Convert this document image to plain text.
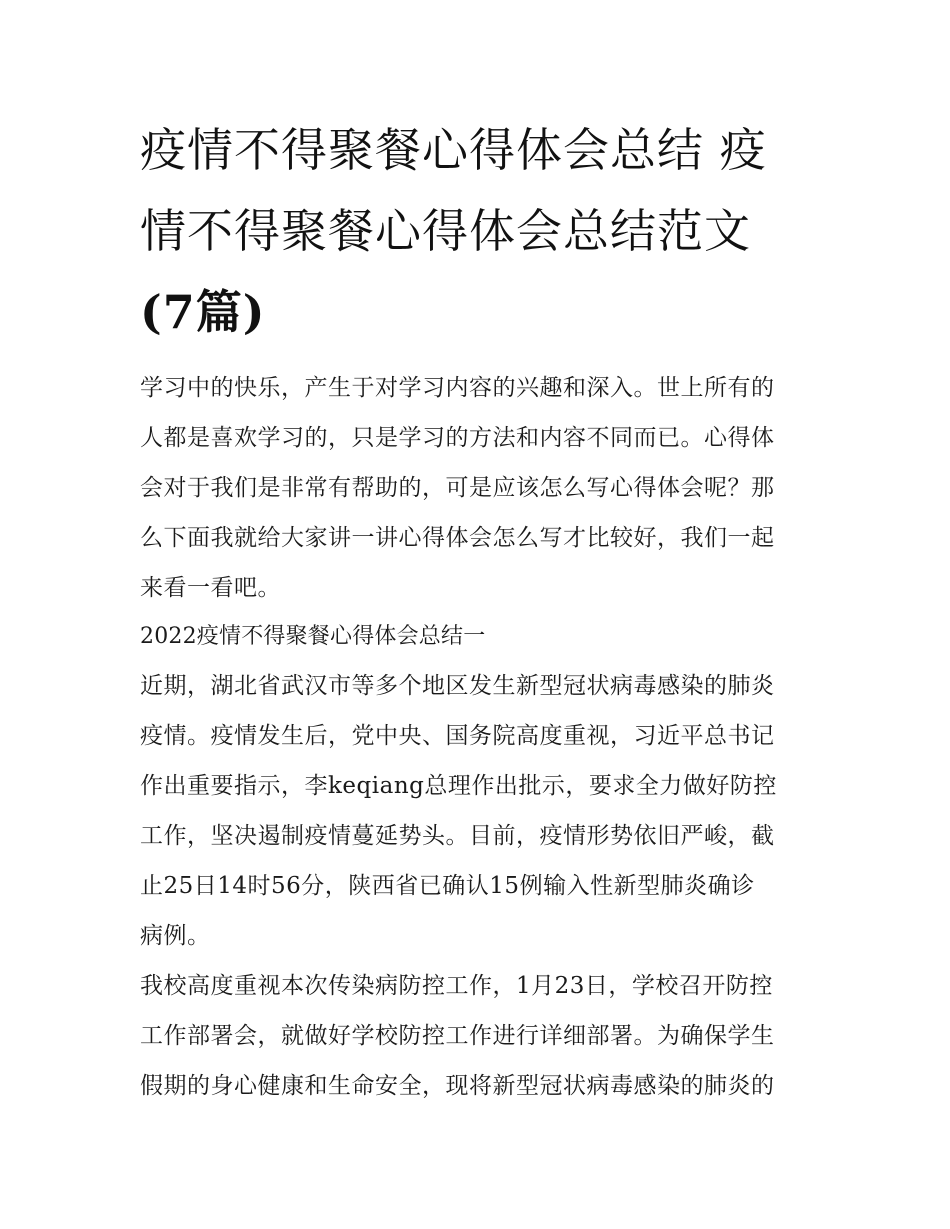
疫情不得聚餐心得体会总结 疫
情不得聚餐心得体会总结范文
(7篇)
学习中的快乐，产生于对学习内容的兴趣和深入。世上所有的
人都是喜欢学习的，只是学习的方法和内容不同而已。心得体
会对于我们是非常有帮助的，可是应该怎么写心得体会呢？那
么下面我就给大家讲一讲心得体会怎么写才比较好，我们一起
来看一看吧。
2022疫情不得聚餐心得体会总结一
近期，湖北省武汉市等多个地区发生新型冠状病毒感染的肺炎
疫情。疫情发生后，党中央、国务院高度重视，习近平总书记
作出重要指示，李keqiang总理作出批示，要求全力做好防控
工作，坚决遏制疫情蔓延势头。目前，疫情形势依旧严峻，截
止25日14时56分，陕西省已确认15例输入性新型肺炎确诊
病例。
我校高度重视本次传染病防控工作，1月23日，学校召开防控
工作部署会，就做好学校防控工作进行详细部署。为确保学生
假期的身心健康和生命安全，现将新型冠状病毒感染的肺炎的
